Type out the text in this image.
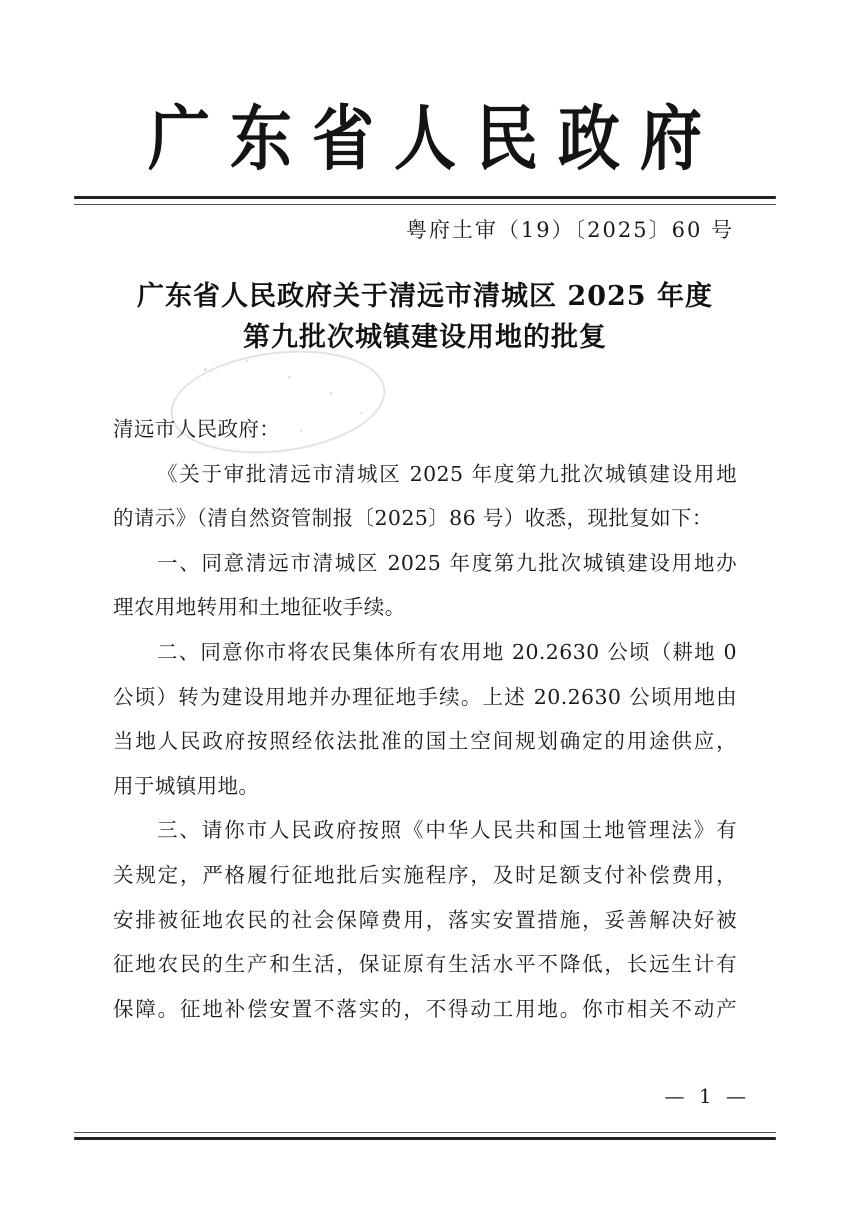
广东省人民政府
粤府土审（19）〔2025〕60 号
广东省人民政府关于清远市清城区 2025 年度
第九批次城镇建设用地的批复
清远市人民政府：
《关于审批清远市清城区 2025 年度第九批次城镇建设用地
的请示》（清自然资管制报〔2025〕86 号）收悉，现批复如下：
一、同意清远市清城区 2025 年度第九批次城镇建设用地办
理农用地转用和土地征收手续。
二、同意你市将农民集体所有农用地 20.2630 公顷（耕地 0
公顷）转为建设用地并办理征地手续。上述 20.2630 公顷用地由
当地人民政府按照经依法批准的国土空间规划确定的用途供应，
用于城镇用地。
三、请你市人民政府按照《中华人民共和国土地管理法》有
关规定，严格履行征地批后实施程序，及时足额支付补偿费用，
安排被征地农民的社会保障费用，落实安置措施，妥善解决好被
征地农民的生产和生活，保证原有生活水平不降低，长远生计有
保障。征地补偿安置不落实的，不得动工用地。你市相关不动产
— 1 —
